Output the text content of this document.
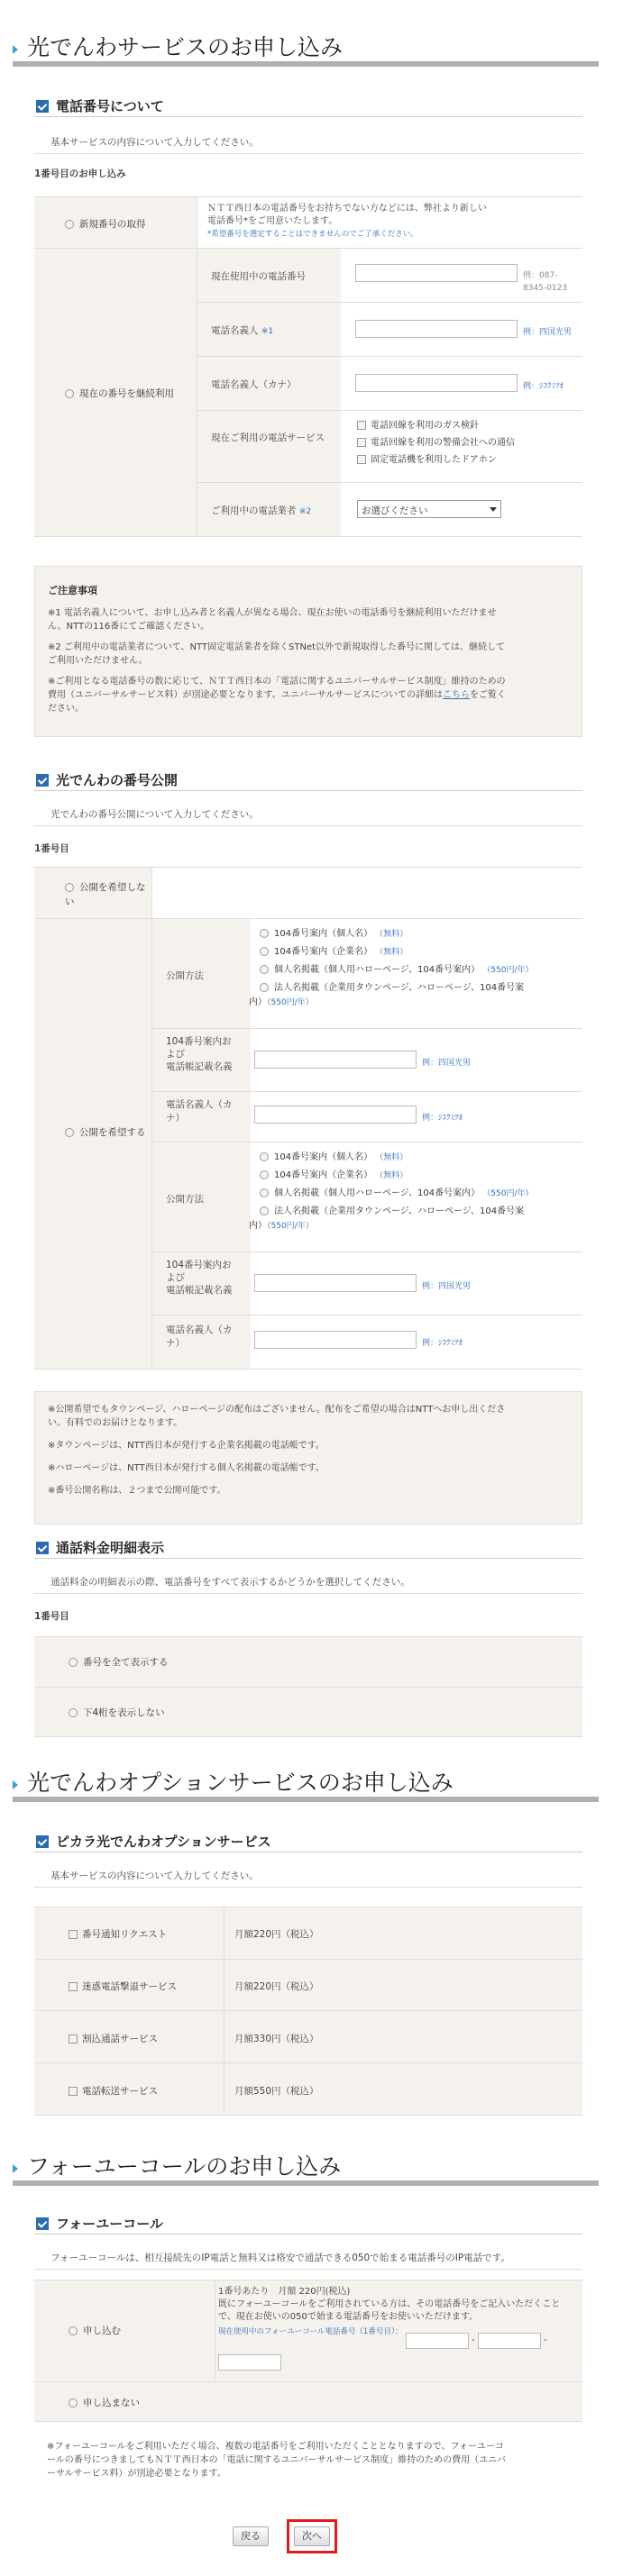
光でんわサービスのお申し込み
電話番号について
基本サービスの内容について入力してください。
1番号目のお申し込み
新規番号の取得
ＮＴＴ西日本の電話番号をお持ちでない方などには、弊社より新しい
電話番号*をご用意いたします。
*希望番号を選定することはできませんのでご了承ください。
現在の番号を継続利用
現在使用中の電話番号	例：087-8345-0123
電話名義人 ※1	例：四国光男
電話名義人（カナ）	例：ｼｺｸﾐﾂｵ
現在ご利用の電話サービス
電話回線を利用のガス検針
電話回線を利用の警備会社への通信
固定電話機を利用したドアホン
ご利用中の電話業者 ※2	お選びください
ご注意事項
※1 電話名義人について、お申し込み者と名義人が異なる場合、現在お使いの電話番号を継続利用いただけませ
ん。NTTの116番にてご確認ください。
※2 ご利用中の電話業者について、NTT固定電話業者を除くSTNet以外で新規取得した番号に関しては、継続して
ご利用いただけません。
※ご利用となる電話番号の数に応じて、ＮＴＴ西日本の「電話に関するユニバーサルサービス制度」維持のための
費用（ユニバーサルサービス料）が別途必要となります。ユニバーサルサービスについての詳細はこちらをご覧く
ださい。
光でんわの番号公開
光でんわの番号公開について入力してください。
1番号目
公開を希望しない
公開を希望する
公開方法
104番号案内（個人名） （無料）
104番号案内（企業名） （無料）
個人名掲載（個人用ハローページ、104番号案内） （550円/年）
法人名掲載（企業用タウンページ、ハローページ、104番号案
内）（550円/年）
104番号案内お
よび
電話帳記載名義	例：四国光男
電話名義人（カ
ナ）	例：ｼｺｸﾐﾂｵ
公開方法
104番号案内（個人名） （無料）
104番号案内（企業名） （無料）
個人名掲載（個人用ハローページ、104番号案内） （550円/年）
法人名掲載（企業用タウンページ、ハローページ、104番号案
内）（550円/年）
104番号案内お
よび
電話帳記載名義	例：四国光男
電話名義人（カ
ナ）	例：ｼｺｸﾐﾂｵ
※公開希望でもタウンページ、ハローページの配布はございません。配布をご希望の場合はNTTへお申し出くださ
い。有料でのお届けとなります。
※タウンページは、NTT西日本が発行する企業名掲載の電話帳です。
※ハローページは、NTT西日本が発行する個人名掲載の電話帳です。
※番号公開名称は、２つまで公開可能です。
通話料金明細表示
通話料金の明細表示の際、電話番号をすべて表示するかどうかを選択してください。
1番号目
番号を全て表示する
下4桁を表示しない
光でんわオプションサービスのお申し込み
ピカラ光でんわオプションサービス
基本サービスの内容について入力してください。
番号通知リクエスト	月額220円（税込）
迷惑電話撃退サービス	月額220円（税込）
割込通話サービス	月額330円（税込）
電話転送サービス	月額550円（税込）
フォーユーコールのお申し込み
フォーユーコール
フォーユーコールは、相互接続先のIP電話と無料又は格安で通話できる050で始まる電話番号のIP電話です。
申し込む
1番号あたり　月額 220円(税込)
既にフォーユーコールをご利用されている方は、その電話番号をご記入いただくこと
で、現在お使いの050で始まる電話番号をお使いいただけます。
現在使用中のフォーユーコール電話番号（1番号目）：
-	-
申し込まない
※フォーユーコールをご利用いただく場合、複数の電話番号をご利用いただくこととなりますので、フォーユーコ
ールの番号につきましてもＮＴＴ西日本の「電話に関するユニバーサルサービス制度」維持のための費用（ユニバ
ーサルサービス料）が別途必要となります。
戻る	次へ
